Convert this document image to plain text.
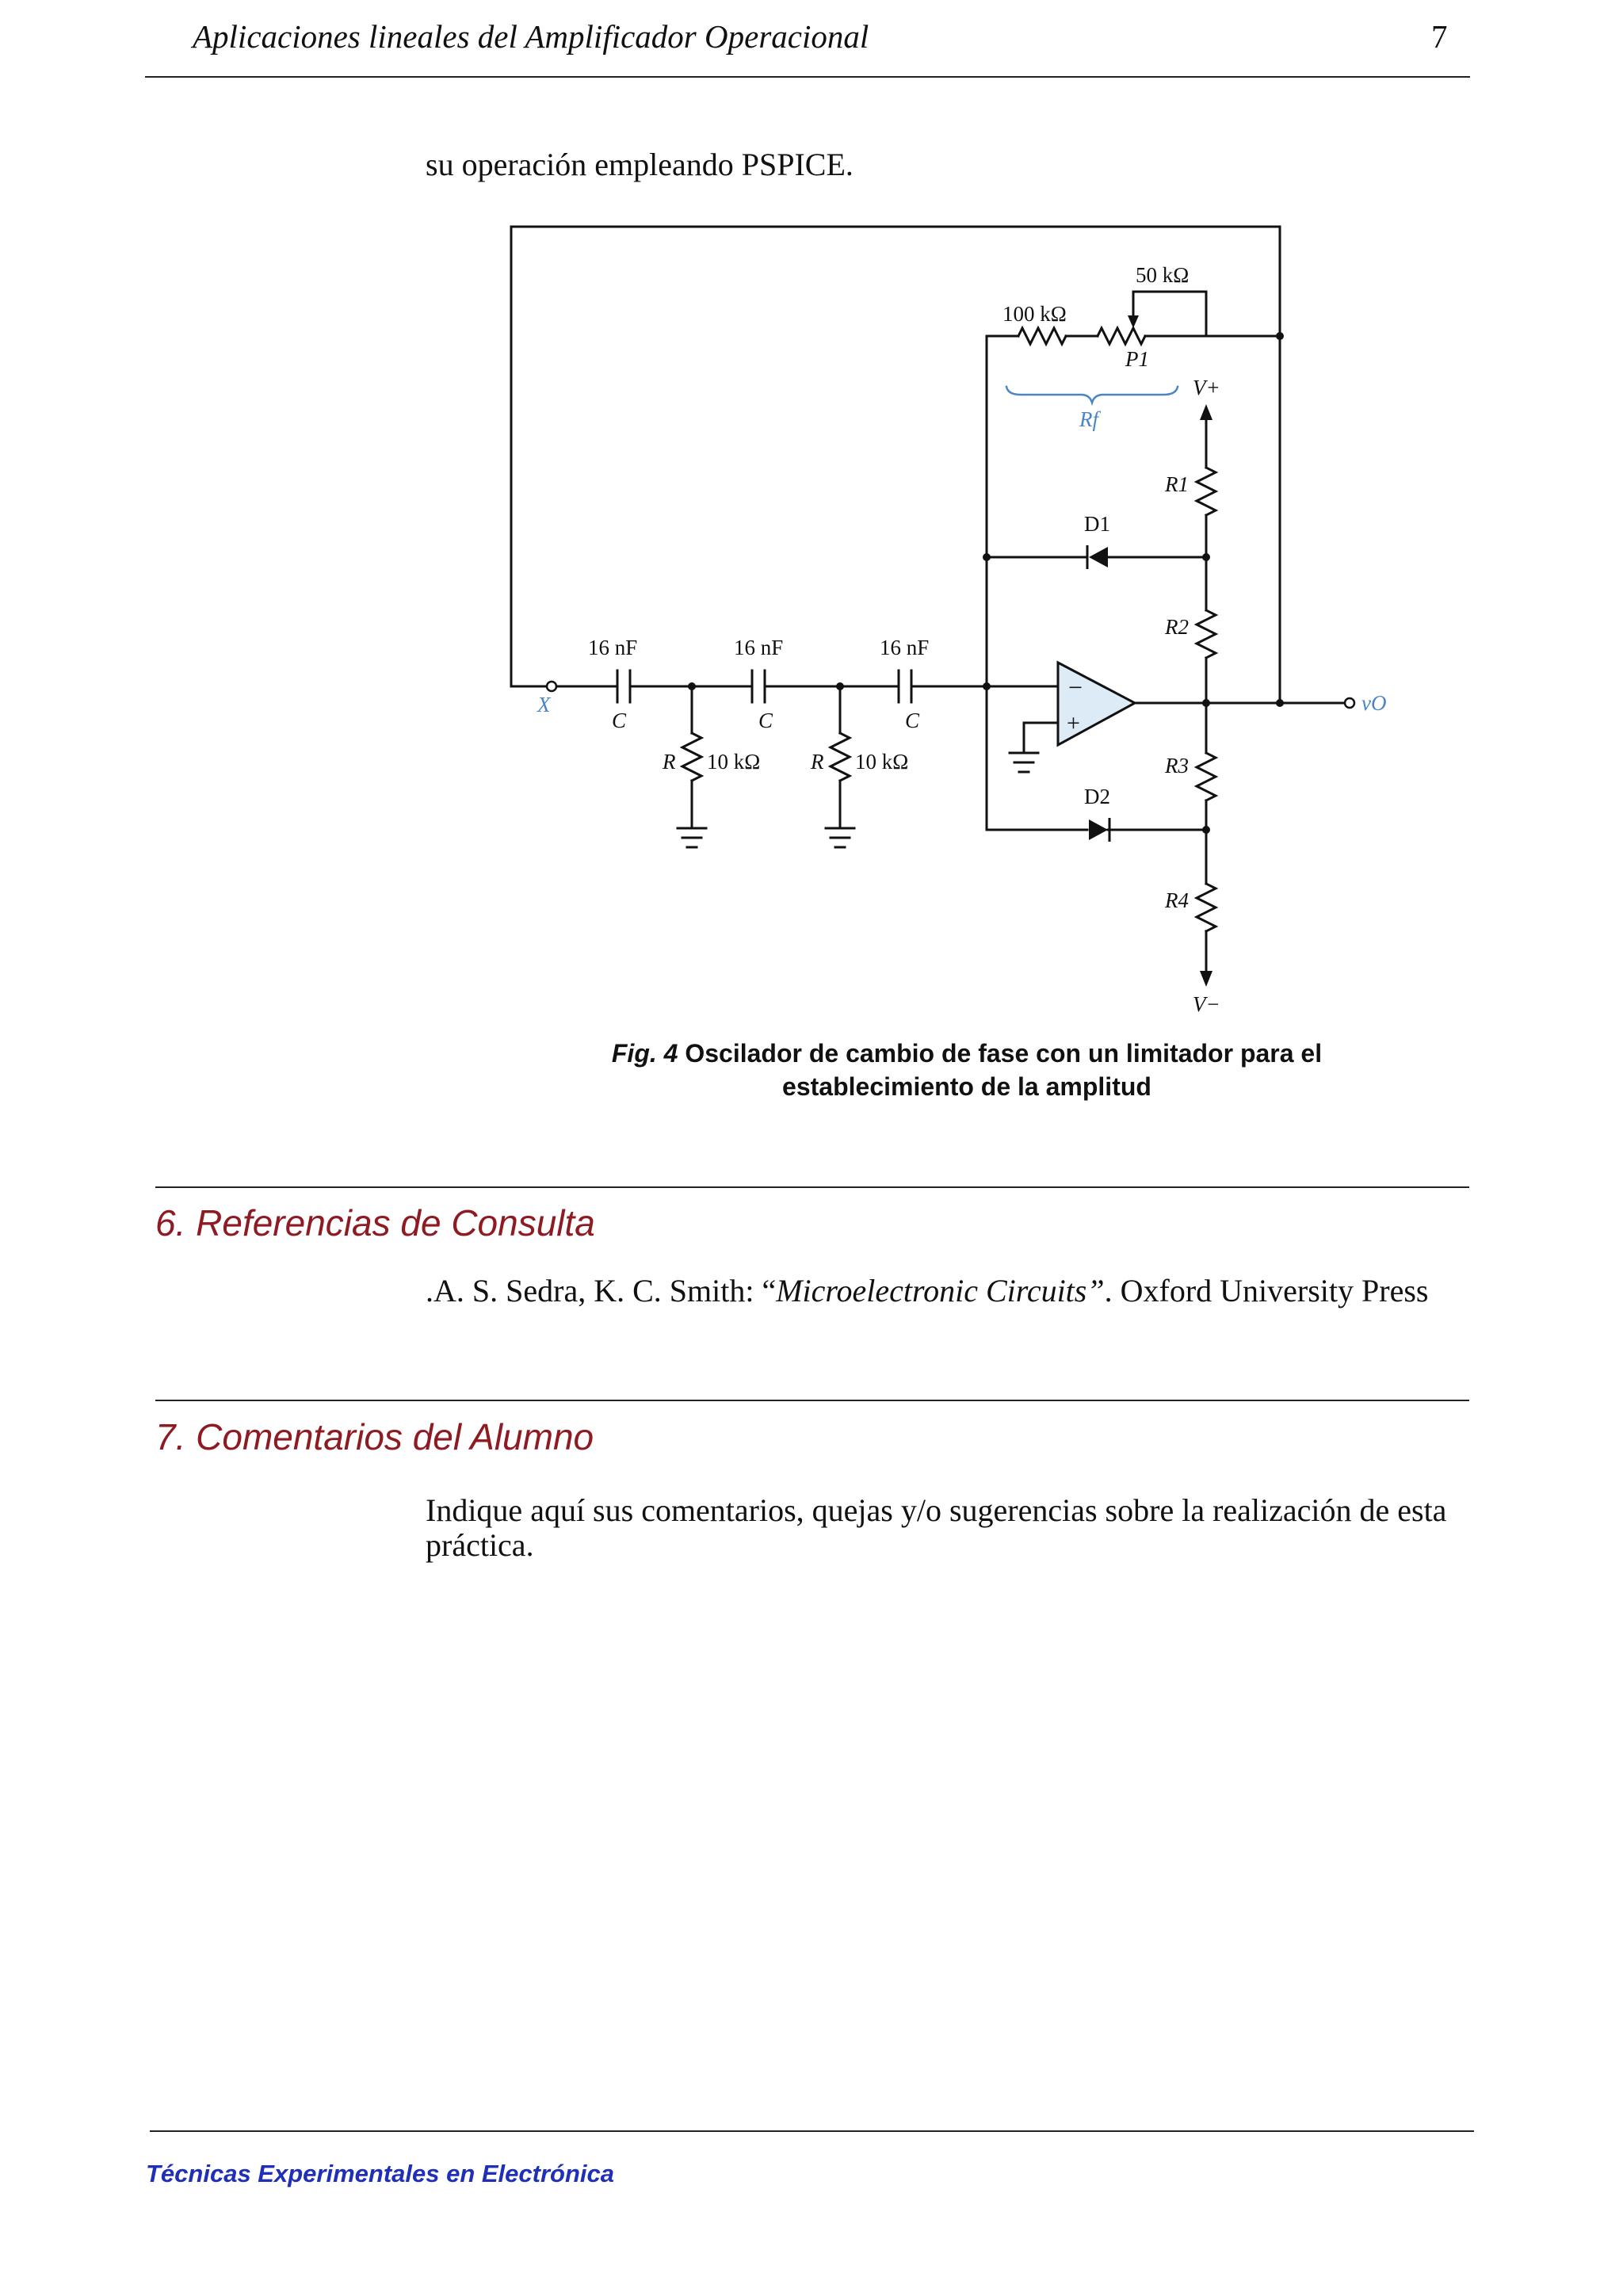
Aplicaciones lineales del Amplificador Operacional	7
su operación empleando PSPICE.
−
+
50 kΩ
100 kΩ
P1
Rf
V+
R1
D1
R2
16 nF	16 nF	16 nF
C	C	C
X
R 10 kΩ R 10 kΩ
vO
R3
D2
R4
V−
Fig. 4 Oscilador de cambio de fase con un limitador para el
establecimiento de la amplitud
6. Referencias de Consulta
.A. S. Sedra, K. C. Smith: “Microelectronic Circuits”. Oxford University Press
7. Comentarios del Alumno
Indique aquí sus comentarios, quejas y/o sugerencias sobre la realización de esta
práctica.
Técnicas Experimentales en Electrónica
